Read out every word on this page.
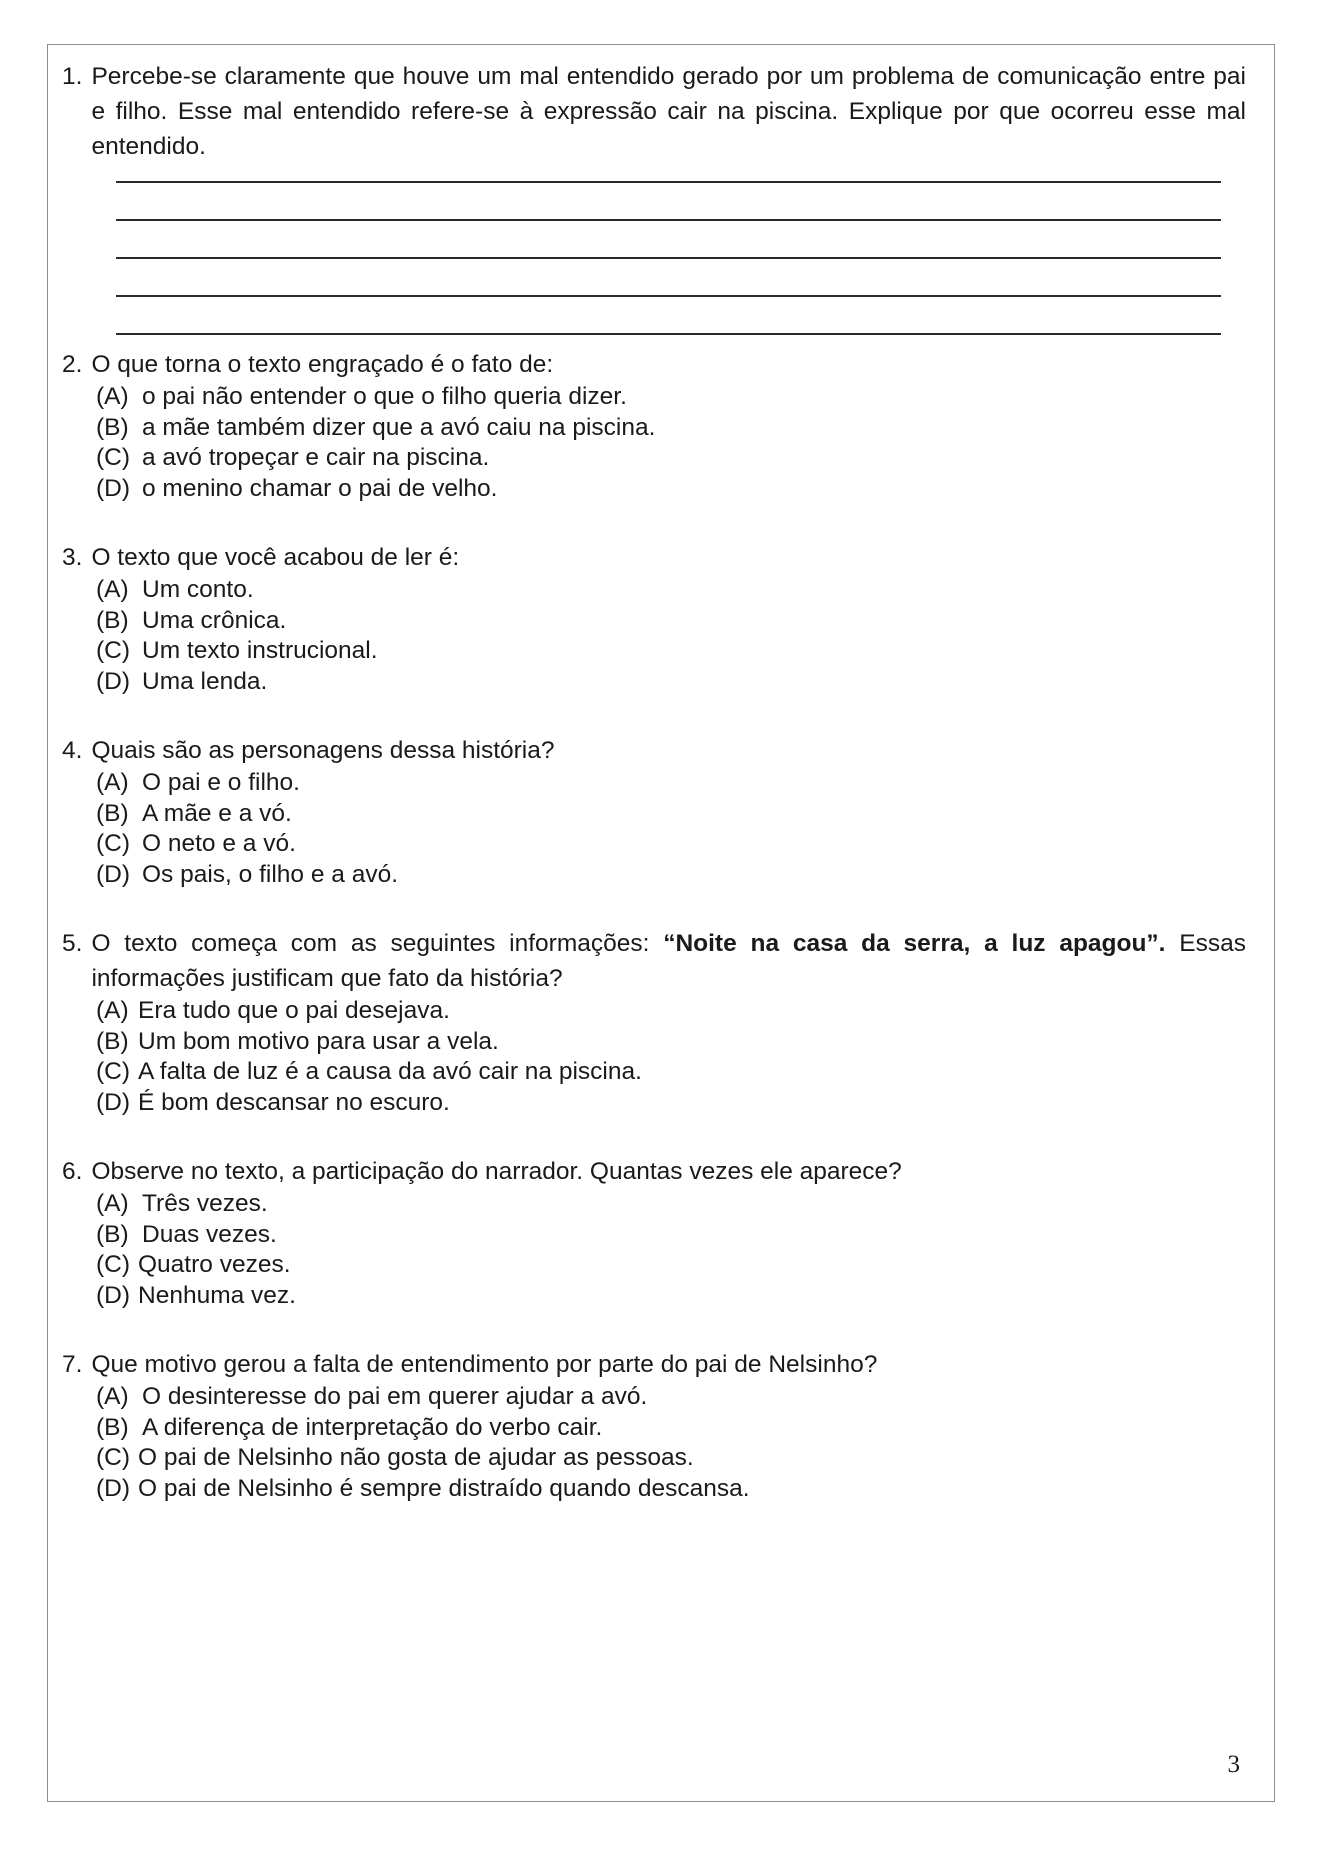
1. Percebe-se claramente que houve um mal entendido gerado por um problema de comunicação entre pai e filho. Esse mal entendido refere-se à expressão cair na piscina. Explique por que ocorreu esse mal entendido.
2. O que torna o texto engraçado é o fato de:
(A) o pai não entender o que o filho queria dizer.
(B) a mãe também dizer que a avó caiu na piscina.
(C) a avó tropeçar e cair na piscina.
(D) o menino chamar o pai de velho.
3. O texto que você acabou de ler é:
(A) Um conto.
(B) Uma crônica.
(C) Um texto instrucional.
(D) Uma lenda.
4. Quais são as personagens dessa história?
(A) O pai e o filho.
(B) A mãe e a vó.
(C) O neto e a vó.
(D) Os pais, o filho e a avó.
5. O texto começa com as seguintes informações: “Noite na casa da serra, a luz apagou”. Essas informações justificam que fato da história?
(A) Era tudo que o pai desejava.
(B) Um bom motivo para usar a vela.
(C) A falta de luz é a causa da avó cair na piscina.
(D) É bom descansar no escuro.
6. Observe no texto, a participação do narrador. Quantas vezes ele aparece?
(A) Três vezes.
(B) Duas vezes.
(C) Quatro vezes.
(D) Nenhuma vez.
7. Que motivo gerou a falta de entendimento por parte do pai de Nelsinho?
(A) O desinteresse do pai em querer ajudar a avó.
(B) A diferença de interpretação do verbo cair.
(C) O pai de Nelsinho não gosta de ajudar as pessoas.
(D) O pai de Nelsinho é sempre distraído quando descansa.
3
